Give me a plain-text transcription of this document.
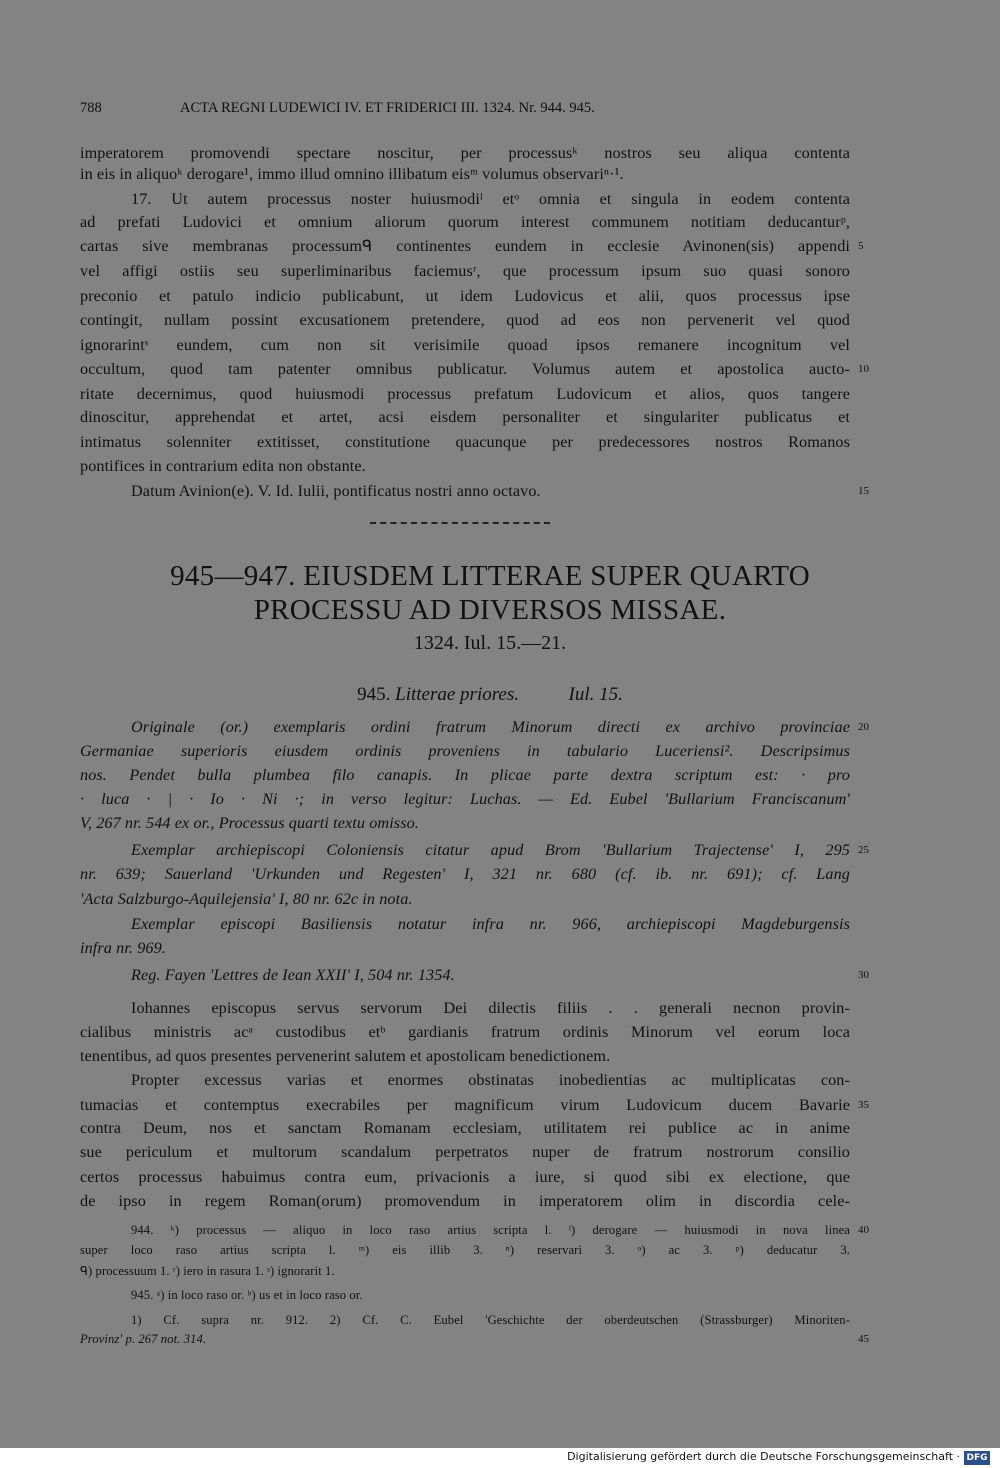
788	ACTA REGNI LUDEWICI IV. ET FRIDERICI III. 1324. Nr. 944. 945.
imperatorem promovendi spectare noscitur, per processusᵏ nostros seu aliqua contenta
in eis in aliquoᵏ derogare¹, immo illud omnino illibatum eisᵐ volumus observariⁿ·¹.
17. Ut autem processus noster huiusmodiˡ etᵒ omnia et singula in eodem contenta
ad prefati Ludovici et omnium aliorum quorum interest communem notitiam deducanturᵖ,
cartas sive membranas processumᑫ continentes eundem in ecclesie Avinonen(sis) appendi
vel affigi ostiis seu superliminaribus faciemusʳ, que processum ipsum suo quasi sonoro
preconio et patulo indicio publicabunt, ut idem Ludovicus et alii, quos processus ipse
contingit, nullam possint excusationem pretendere, quod ad eos non pervenerit vel quod
ignorarintˢ eundem, cum non sit verisimile quoad ipsos remanere incognitum vel
occultum, quod tam patenter omnibus publicatur. Volumus autem et apostolica aucto-
ritate decernimus, quod huiusmodi processus prefatum Ludovicum et alios, quos tangere
dinoscitur, apprehendat et artet, acsi eisdem personaliter et singulariter publicatus et
intimatus solenniter extitisset, constitutione quacunque per predecessores nostros Romanos
pontifices in contrarium edita non obstante.
Datum Avinion(e). V. Id. Iulii, pontificatus nostri anno octavo.
945—947. EIUSDEM LITTERAE SUPER QUARTO
PROCESSU AD DIVERSOS MISSAE.
1324. Iul. 15.—21.
945. Litterae priores.	Iul. 15.
Originale (or.) exemplaris ordini fratrum Minorum directi ex archivo provinciae
Germaniae superioris eiusdem ordinis proveniens in tabulario Luceriensi². Descripsimus
nos. Pendet bulla plumbea filo canapis. In plicae parte dextra scriptum est: · pro
· luca · | · Io · Ni ·; in verso legitur: Luchas. — Ed. Eubel 'Bullarium Franciscanum'
V, 267 nr. 544 ex or., Processus quarti textu omisso.
Exemplar archiepiscopi Coloniensis citatur apud Brom 'Bullarium Trajectense' I, 295
nr. 639; Sauerland 'Urkunden und Regesten' I, 321 nr. 680 (cf. ib. nr. 691); cf. Lang
'Acta Salzburgo-Aquilejensia' I, 80 nr. 62c in nota.
Exemplar episcopi Basiliensis notatur infra nr. 966, archiepiscopi Magdeburgensis
infra nr. 969.
Reg. Fayen 'Lettres de Iean XXII' I, 504 nr. 1354.
Iohannes episcopus servus servorum Dei dilectis filiis . . generali necnon provin-
cialibus ministris acᵃ custodibus etᵇ gardianis fratrum ordinis Minorum vel eorum loca
tenentibus, ad quos presentes pervenerint salutem et apostolicam benedictionem.
Propter excessus varias et enormes obstinatas inobedientias ac multiplicatas con-
tumacias et contemptus execrabiles per magnificum virum Ludovicum ducem Bavarie
contra Deum, nos et sanctam Romanam ecclesiam, utilitatem rei publice ac in anime
sue periculum et multorum scandalum perpetratos nuper de fratrum nostrorum consilio
certos processus habuimus contra eum, privacionis a iure, si quod sibi ex electione, que
de ipso in regem Roman(orum) promovendum in imperatorem olim in discordia cele-
944. ᵏ) processus — aliquo in loco raso artius scripta l. ˡ) derogare — huiusmodi in nova linea
super loco raso artius scripta l. ᵐ) eis illib 3. ⁿ) reservari 3. ᵒ) ac 3. ᵖ) deducatur 3.
ᑫ) processuum 1. ʳ) iero in rasura 1. ˢ) ignorarit 1.
945. ᵃ) in loco raso or. ᵇ) us et in loco raso or.
1) Cf. supra nr. 912. 2) Cf. C. Eubel 'Geschichte der oberdeutschen (Strassburger) Minoriten-
Provinz' p. 267 not. 314.
5
10
15
20
25
30
35
40
45
Digitalisierung gefördert durch die Deutsche Forschungsgemeinschaft · DFG
